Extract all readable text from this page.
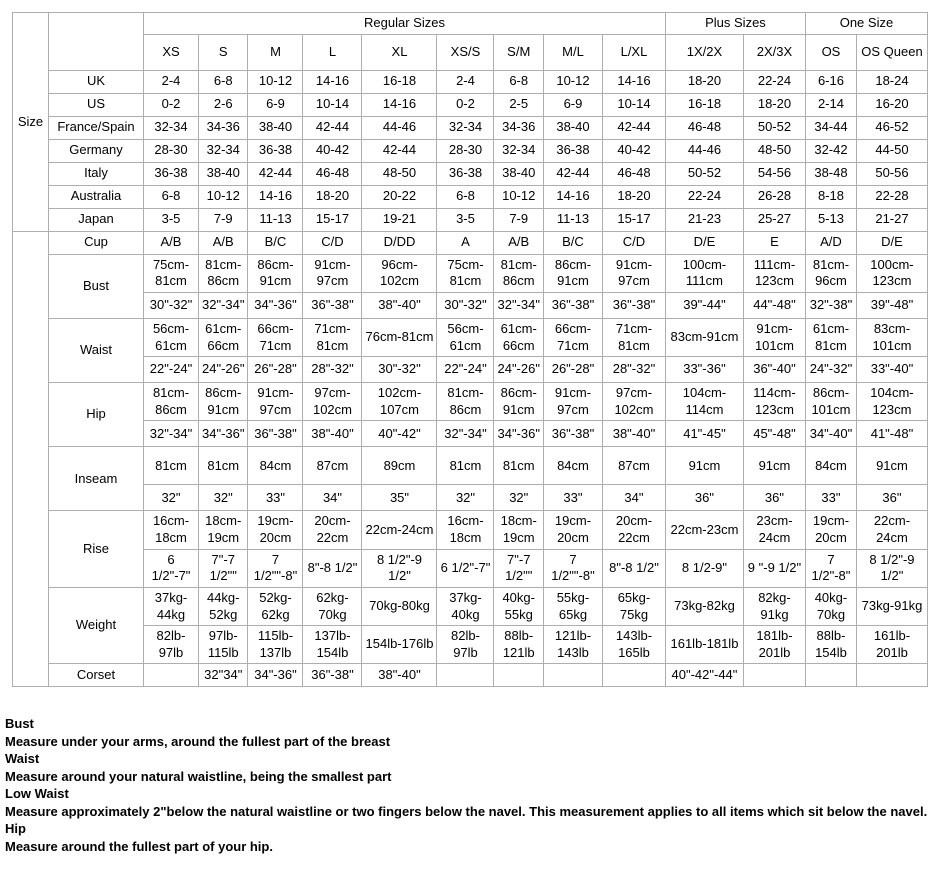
Size		Regular Sizes									Plus Sizes		One Size	
		XS	S	M	L	XL	XS/S	S/M	M/L	L/XL	1X/2X	2X/3X	OS	OS Queen
	UK	2-4	6-8	10-12	14-16	16-18	2-4	6-8	10-12	14-16	18-20	22-24	6-16	18-24
	US	0-2	2-6	6-9	10-14	14-16	0-2	2-5	6-9	10-14	16-18	18-20	2-14	16-20
	France/Spain	32-34	34-36	38-40	42-44	44-46	32-34	34-36	38-40	42-44	46-48	50-52	34-44	46-52
	Germany	28-30	32-34	36-38	40-42	42-44	28-30	32-34	36-38	40-42	44-46	48-50	32-42	44-50
	Italy	36-38	38-40	42-44	46-48	48-50	36-38	38-40	42-44	46-48	50-52	54-56	38-48	50-56
	Australia	6-8	10-12	14-16	18-20	20-22	6-8	10-12	14-16	18-20	22-24	26-28	8-18	22-28
	Japan	3-5	7-9	11-13	15-17	19-21	3-5	7-9	11-13	15-17	21-23	25-27	5-13	21-27
	Cup	A/B	A/B	B/C	C/D	D/DD	A	A/B	B/C	C/D	D/E	E	A/D	D/E
	Bust	75cm-81cm	81cm-86cm	86cm-91cm	91cm-97cm	96cm-102cm	75cm-81cm	81cm-86cm	86cm-91cm	91cm-97cm	100cm-111cm	111cm-123cm	81cm-96cm	100cm-123cm
		30"-32"	32"-34"	34"-36"	36"-38"	38"-40"	30"-32"	32"-34"	36"-38"	36"-38"	39"-44"	44"-48"	32"-38"	39"-48"
	Waist	56cm-61cm	61cm-66cm	66cm-71cm	71cm-81cm	76cm-81cm	56cm-61cm	61cm-66cm	66cm-71cm	71cm-81cm	83cm-91cm	91cm-101cm	61cm-81cm	83cm-101cm
		22"-24"	24"-26"	26"-28"	28"-32"	30"-32"	22"-24"	24"-26"	26"-28"	28"-32"	33"-36"	36"-40"	24"-32"	33"-40"
	Hip	81cm-86cm	86cm-91cm	91cm-97cm	97cm-102cm	102cm-107cm	81cm-86cm	86cm-91cm	91cm-97cm	97cm-102cm	104cm-114cm	114cm-123cm	86cm-101cm	104cm-123cm
		32"-34"	34"-36"	36"-38"	38"-40"	40"-42"	32"-34"	34"-36"	36"-38"	38"-40"	41"-45"	45"-48"	34"-40"	41"-48"
	Inseam	81cm	81cm	84cm	87cm	89cm	81cm	81cm	84cm	87cm	91cm	91cm	84cm	91cm
		32"	32"	33"	34"	35"	32"	32"	33"	34"	36"	36"	33"	36"
	Rise	16cm-18cm	18cm-19cm	19cm-20cm	20cm-22cm	22cm-24cm	16cm-18cm	18cm-19cm	19cm-20cm	20cm-22cm	22cm-23cm	23cm-24cm	19cm-20cm	22cm-24cm
		6 1/2"-7"	7"-7 1/2""	7 1/2""-8"	8"-8 1/2"	8 1/2"-9 1/2"	6 1/2"-7"	7"-7 1/2""	7 1/2""-8"	8"-8 1/2"	8 1/2-9"	9 "-9 1/2"	7 1/2"-8"	8 1/2"-9 1/2"
	Weight	37kg-44kg	44kg-52kg	52kg-62kg	62kg-70kg	70kg-80kg	37kg-40kg	40kg-55kg	55kg-65kg	65kg-75kg	73kg-82kg	82kg-91kg	40kg-70kg	73kg-91kg
		82lb-97lb	97lb-115lb	115lb-137lb	137lb-154lb	154lb-176lb	82lb-97lb	88lb-121lb	121lb-143lb	143lb-165lb	161lb-181lb	181lb-201lb	88lb-154lb	161lb-201lb
	Corset		32"34"	34"-36"	36"-38"	38"-40"					40"-42"-44"			
Bust
Measure under your arms, around the fullest part of the breast
Waist
Measure around your natural waistline, being the smallest part
Low Waist
Measure approximately 2"below the natural waistline or two fingers below the navel. This measurement applies to all items which sit below the navel.
Hip
Measure around the fullest part of your hip.
